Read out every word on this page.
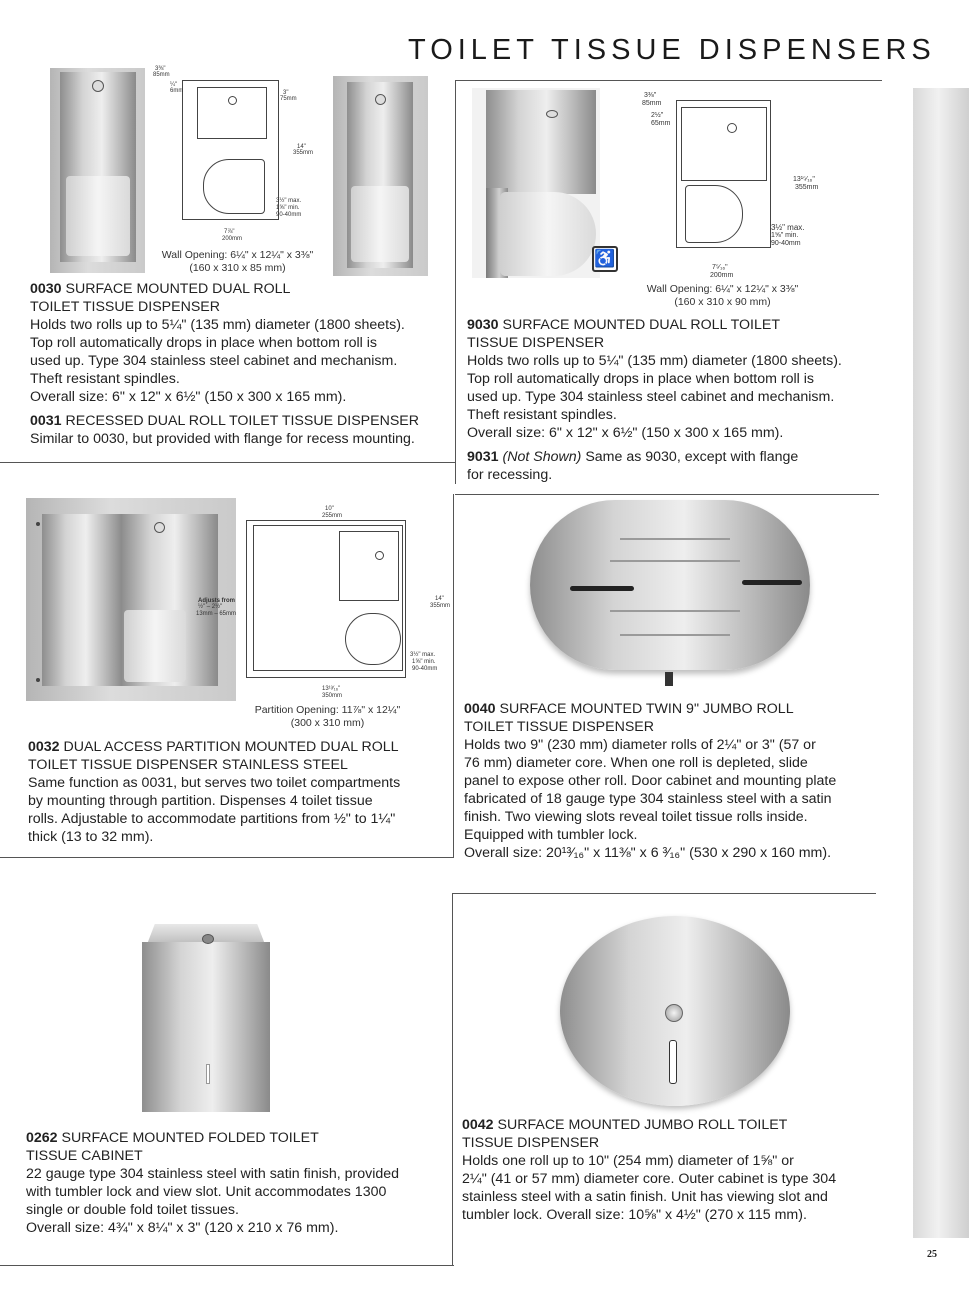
TOILET TISSUE DISPENSERS
25
3⅜"
85mm
¼"
6mm	3"
75mm
14"
355mm
3½" max.
1⅝" min.
90-40mm
7⅞"
200mm
Wall Opening: 6¼" x 12¼" x 3⅜"
(160 x 310 x 85 mm)

0030 SURFACE MOUNTED DUAL ROLL

TOILET TISSUE DISPENSER

Holds two rolls up to 5¼" (135 mm) diameter (1800 sheets).

Top roll automatically drops in place when bottom roll is

used up. Type 304 stainless steel cabinet and mechanism.

Theft resistant spindles.

Overall size: 6" x 12" x 6½" (150 x 300 x 165 mm).

0031 RECESSED DUAL ROLL TOILET TISSUE DISPENSER

Similar to 0030, but provided with flange for recess mounting.

♿
3⅜"
85mm
2½"
65mm
13¹⁵⁄₁₆"
355mm
3½" max.
1⅝" min.
90-40mm
7⁵⁄₁₆"
200mm
Wall Opening: 6¼" x 12¼" x 3⅜"
(160 x 310 x 90 mm)

9030 SURFACE MOUNTED DUAL ROLL TOILET

TISSUE DISPENSER

Holds two rolls up to 5¼" (135 mm) diameter (1800 sheets).

Top roll automatically drops in place when bottom roll is

used up. Type 304 stainless steel cabinet and mechanism.

Theft resistant spindles.

Overall size: 6" x 12" x 6½" (150 x 300 x 165 mm).

9031 (Not Shown) Same as 9030, except with flange

for recessing.

Adjusts from
½" – 2½"
13mm – 65mm
10"
255mm
14"
355mm
3½" max.
1⅝" min.
90-40mm
13¹³⁄₁₆"
350mm
Partition Opening: 11⅞" x 12¼"
(300 x 310 mm)

0032 DUAL ACCESS PARTITION MOUNTED DUAL ROLL

TOILET TISSUE DISPENSER STAINLESS STEEL

Same function as 0031, but serves two toilet compartments

by mounting through partition. Dispenses 4 toilet tissue

rolls. Adjustable to accommodate partitions from ½" to 1¼"

thick (13 to 32 mm).

0040 SURFACE MOUNTED TWIN 9" JUMBO ROLL

TOILET TISSUE DISPENSER

Holds two 9" (230 mm) diameter rolls of 2¼" or 3" (57 or

76 mm) diameter core. When one roll is depleted, slide

panel to expose other roll. Door cabinet and mounting plate

fabricated of 18 gauge type 304 stainless steel with a satin

finish. Two viewing slots reveal toilet tissue rolls inside.

Equipped with tumbler lock.

Overall size: 20¹³⁄₁₆" x 11⅜" x 6 ³⁄₁₆" (530 x 290 x 160 mm).

0262 SURFACE MOUNTED FOLDED TOILET

TISSUE CABINET

22 gauge type 304 stainless steel with satin finish, provided

with tumbler lock and view slot. Unit accommodates 1300

single or double fold toilet tissues.

Overall size: 4¾" x 8¼" x 3" (120 x 210 x 76 mm).

0042 SURFACE MOUNTED JUMBO ROLL TOILET

TISSUE DISPENSER

Holds one roll up to 10" (254 mm) diameter of 1⅝" or

2¼" (41 or 57 mm) diameter core. Outer cabinet is type 304

stainless steel with a satin finish. Unit has viewing slot and

tumbler lock. Overall size: 10⅝" x 4½" (270 x 115 mm).
